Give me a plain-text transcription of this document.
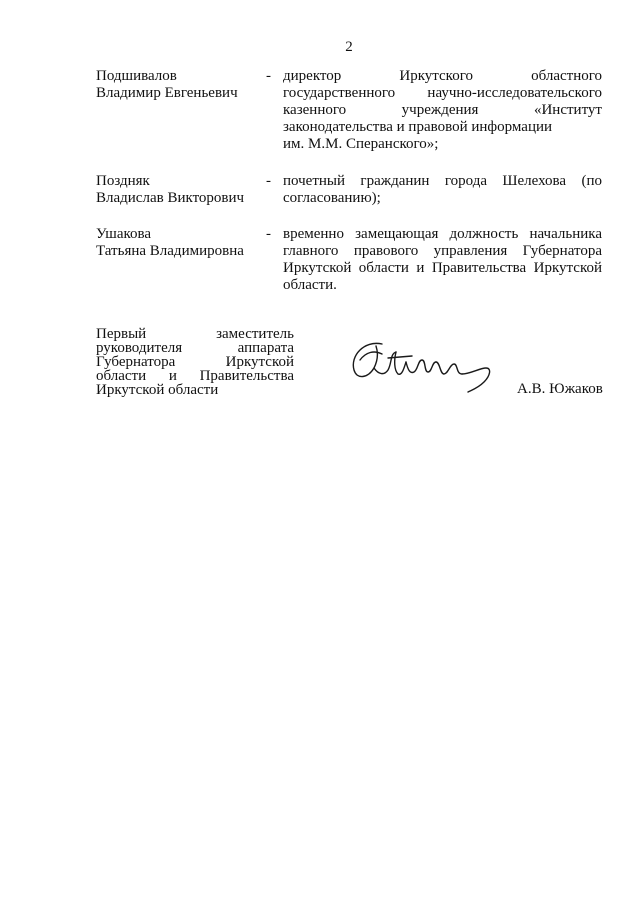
2
Подшивалов
Владимир Евгеньевич
- директор Иркутского областного
государственного научно-исследовательского
казенного учреждения «Институт
законодательства и правовой информации
им. М.М. Сперанского»;
Поздняк
Владислав Викторович
- почетный гражданин города Шелехова (по
согласованию);
Ушакова
Татьяна Владимировна
- временно замещающая должность начальника
главного правового управления Губернатора
Иркутской области и Правительства Иркутской
области.
Первый заместитель
руководителя аппарата
Губернатора Иркутской
области и Правительства
Иркутской области	А.В. Южаков
